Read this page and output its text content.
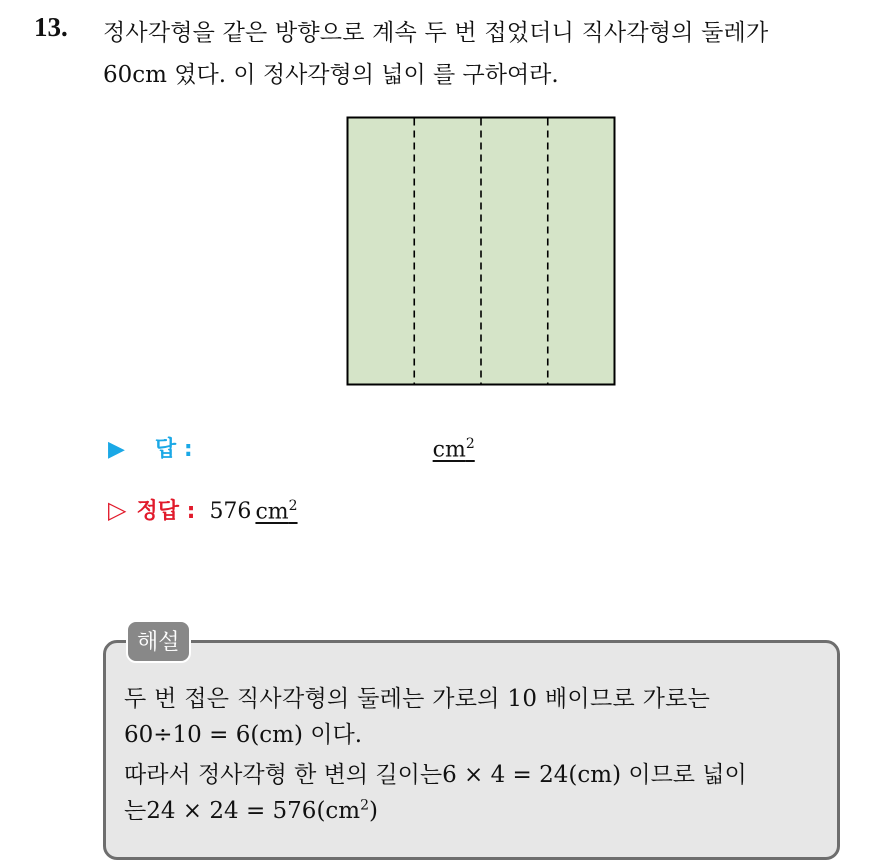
13. 정사각형을 같은 방향으로 계속 두 번 접었더니 직사각형의 둘레가
60cm 였다. 이 정사각형의 넓이 를 구하여라.
▶ 답 :	$cm^2$
▷ 정답 : 576 $cm^2$
해설
두 번 접은 직사각형의 둘레는 가로의 10 배이므로 가로는
60÷10 = 6(cm) 이다.
따라서 정사각형 한 변의 길이는6 × 4 = 24(cm) 이므로 넓이
는$24 \times 24 = 576(cm^2)$
